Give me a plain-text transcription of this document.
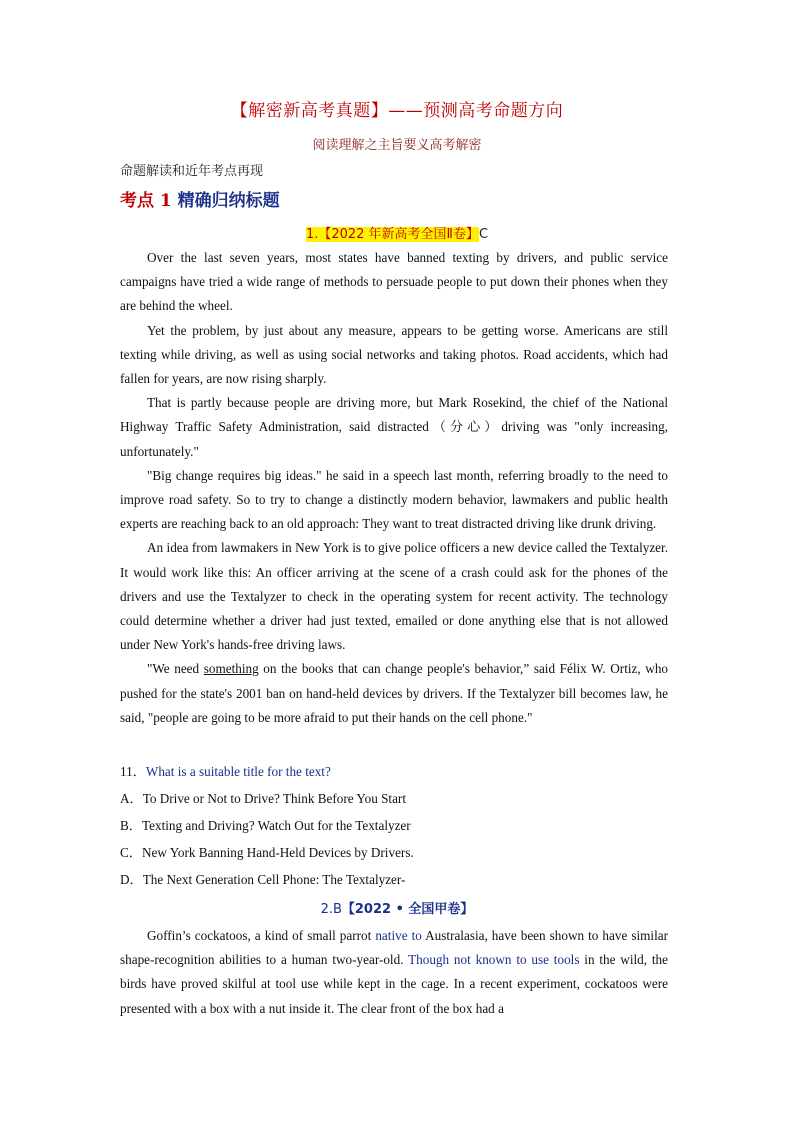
【解密新高考真题】——预测高考命题方向
阅读理解之主旨要义高考解密
命题解读和近年考点再现
考点 1 精确归纳标题
1.【2022 年新高考全国Ⅱ卷】C

Over the last seven years, most states have banned texting by drivers, and public service campaigns have tried a wide range of methods to persuade people to put down their phones when they are behind the wheel.

Yet the problem, by just about any measure, appears to be getting worse. Americans are still texting while driving, as well as using social networks and taking photos. Road accidents, which had fallen for years, are now rising sharply.

That is partly because people are driving more, but Mark Rosekind, the chief of the National Highway Traffic Safety Administration, said distracted（分心）driving was "only increasing, unfortunately."

"Big change requires big ideas." he said in a speech last month, referring broadly to the need to improve road safety. So to try to change a distinctly modern behavior, lawmakers and public health experts are reaching back to an old approach: They want to treat distracted driving like drunk driving.

An idea from lawmakers in New York is to give police officers a new device called the Textalyzer. It would work like this: An officer arriving at the scene of a crash could ask for the phones of the drivers and use the Textalyzer to check in the operating system for recent activity. The technology could determine whether a driver had just texted, emailed or done anything else that is not allowed under New York's hands-free driving laws.

"We need something on the books that can change people's behavior,” said Félix W. Ortiz, who pushed for the state's 2001 ban on hand-held devices by drivers. If the Textalyzer bill becomes law, he said, "people are going to be more afraid to put their hands on the cell phone."

11．What is a suitable title for the text?
A．To Drive or Not to Drive? Think Before You Start
B．Texting and Driving? Watch Out for the Textalyzer
C．New York Banning Hand-Held Devices by Drivers.
D．The Next Generation Cell Phone: The Textalyzer-
2.B【2022 • 全国甲卷】

Goffin’s cockatoos, a kind of small parrot native to Australasia, have been shown to have similar shape-recognition abilities to a human two-year-old. Though not known to use tools in the wild, the birds have proved skilful at tool use while kept in the cage. In a recent experiment, cockatoos were presented with a box with a nut inside it. The clear front of the box had a
